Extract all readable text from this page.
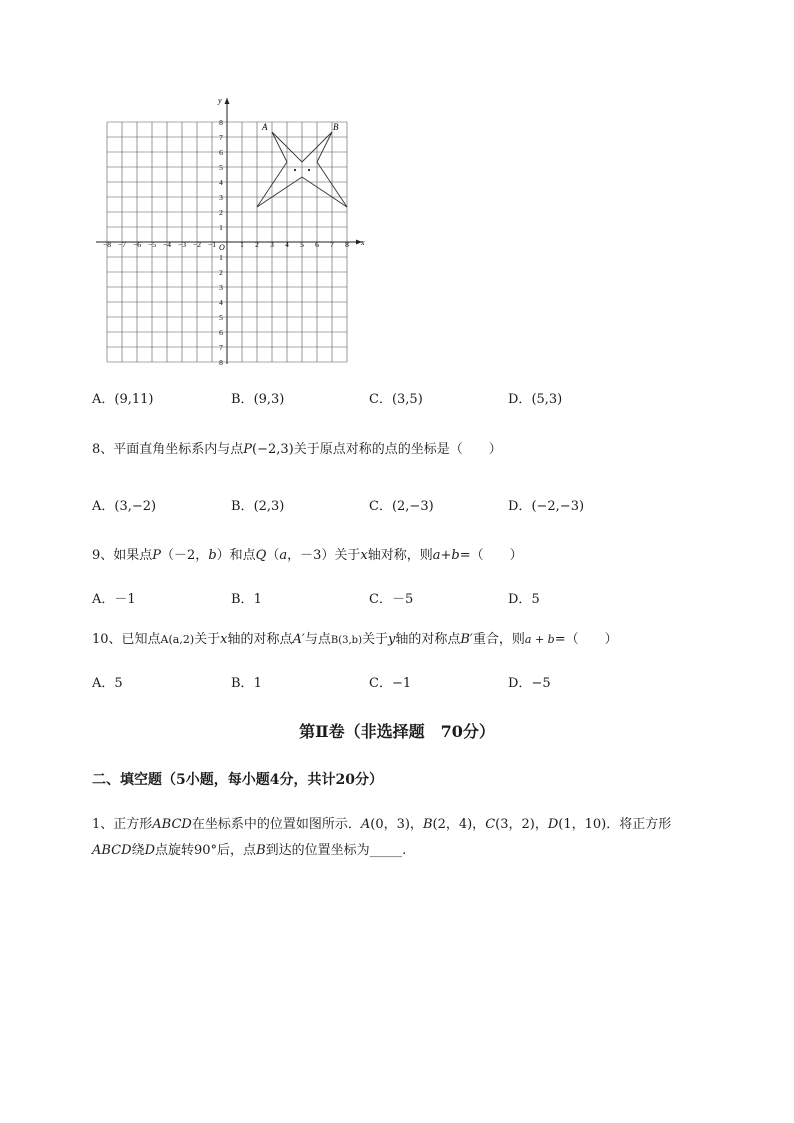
x
y
O
−8 −7 −6 −5 −4 −3 −2 −1	1 2 3 4 5 6 7 8
8
7
6
5
4
3
2
1
1
2
3
4
5
6
7
8
A	B
A．(9,11)	B．(9,3)	C．(3,5)	D．(5,3)
8、平面直角坐标系内与点P(−2,3)关于原点对称的点的坐标是（　　）
A．(3,−2)	B．(2,3)	C．(2,−3)	D．(−2,−3)
9、如果点P（－2，b）和点Q（a，－3）关于x轴对称，则a+b=（　　）
A．－1	B．1	C．－5	D．5
10、已知点A(a,2)关于x轴的对称点A′与点B(3,b)关于y轴的对称点B′重合，则a + b=（　　）
A．5	B．1	C．−1	D．−5
第Ⅱ卷（非选择题　70分）
二、填空题（5小题，每小题4分，共计20分）
1、正方形ABCD在坐标系中的位置如图所示．A(0，3)，B(2，4)，C(3，2)，D(1，10)．将正方形
ABCD绕D点旋转90°后，点B到达的位置坐标为_____.
